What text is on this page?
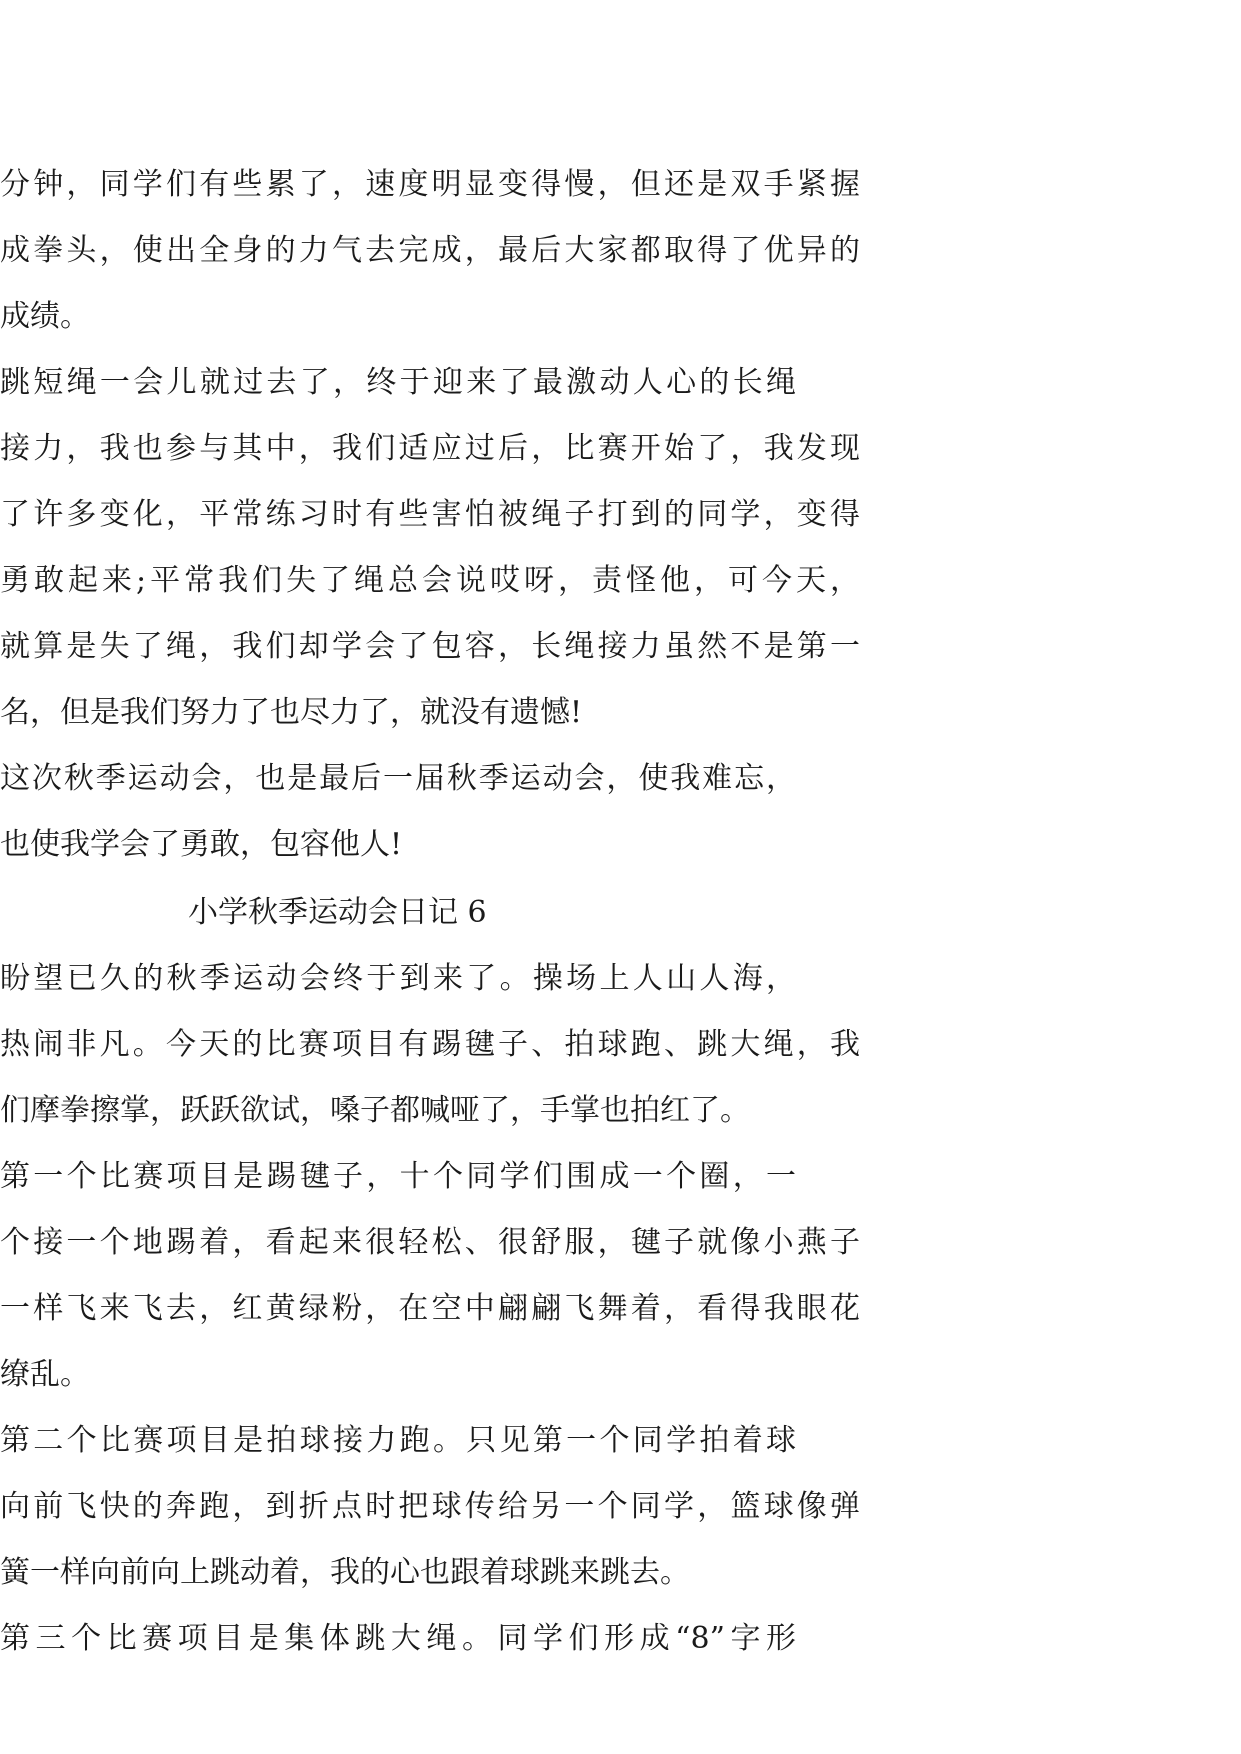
分钟，同学们有些累了，速度明显变得慢，但还是双手紧握
成拳头，使出全身的力气去完成，最后大家都取得了优异的
成绩。
跳短绳一会儿就过去了，终于迎来了最激动人心的长绳
接力，我也参与其中，我们适应过后，比赛开始了，我发现
了许多变化，平常练习时有些害怕被绳子打到的同学，变得
勇敢起来;平常我们失了绳总会说哎呀，责怪他，可今天，
就算是失了绳，我们却学会了包容，长绳接力虽然不是第一
名，但是我们努力了也尽力了，就没有遗憾!
这次秋季运动会，也是最后一届秋季运动会，使我难忘，
也使我学会了勇敢，包容他人!
小学秋季运动会日记 6
盼望已久的秋季运动会终于到来了。操场上人山人海，
热闹非凡。今天的比赛项目有踢毽子、拍球跑、跳大绳，我
们摩拳擦掌，跃跃欲试，嗓子都喊哑了，手掌也拍红了。
第一个比赛项目是踢毽子，十个同学们围成一个圈，一
个接一个地踢着，看起来很轻松、很舒服，毽子就像小燕子
一样飞来飞去，红黄绿粉，在空中翩翩飞舞着，看得我眼花
缭乱。
第二个比赛项目是拍球接力跑。只见第一个同学拍着球
向前飞快的奔跑，到折点时把球传给另一个同学，篮球像弹
簧一样向前向上跳动着，我的心也跟着球跳来跳去。
第三个比赛项目是集体跳大绳。同学们形成“8”字形
